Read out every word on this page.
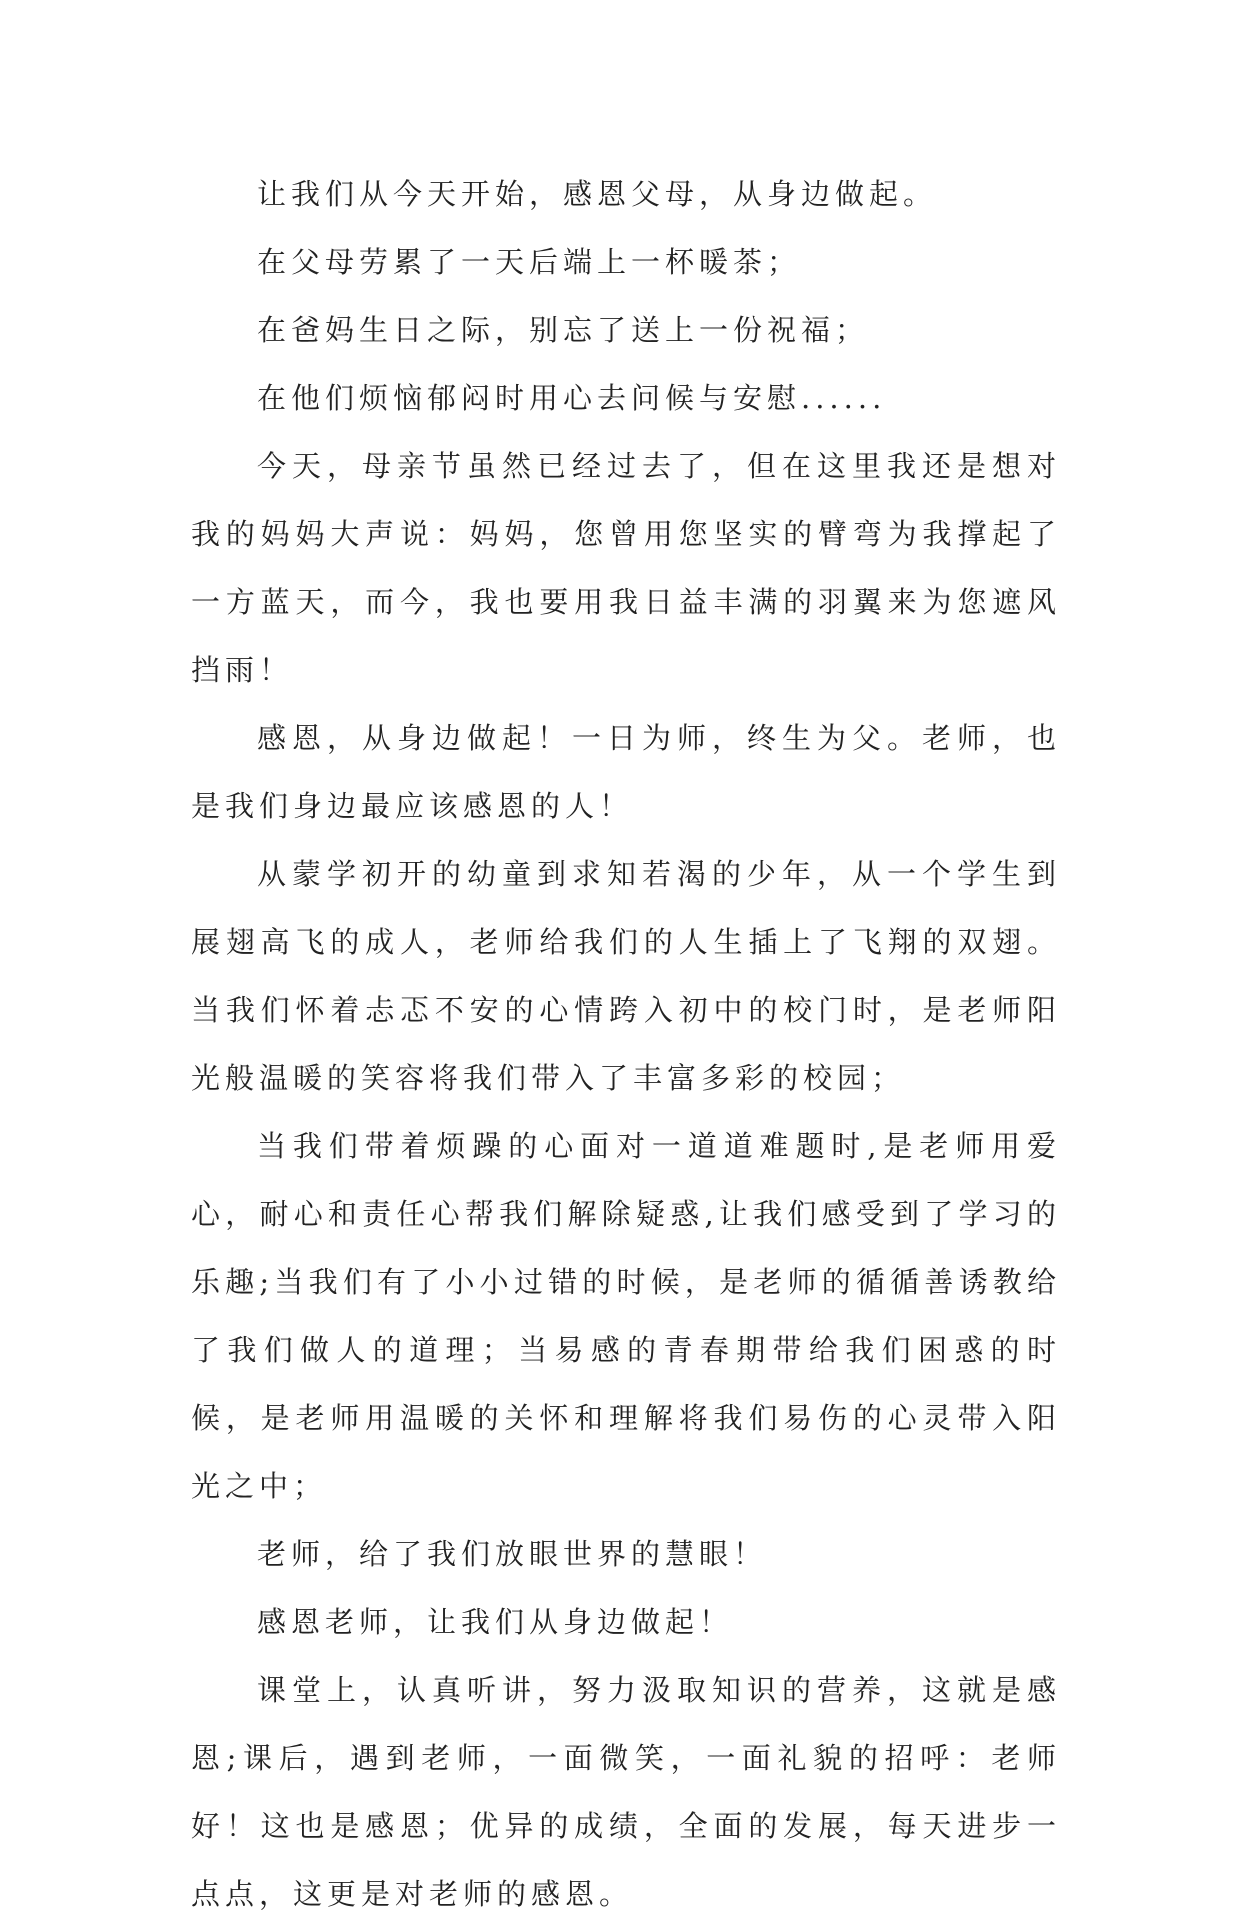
让我们从今天开始，感恩父母，从身边做起。

在父母劳累了一天后端上一杯暖茶；

在爸妈生日之际，别忘了送上一份祝福；

在他们烦恼郁闷时用心去问候与安慰......

今天，母亲节虽然已经过去了，但在这里我还是想对我的妈妈大声说：妈妈，您曾用您坚实的臂弯为我撑起了一方蓝天，而今，我也要用我日益丰满的羽翼来为您遮风挡雨！

感恩，从身边做起！一日为师，终生为父。老师，也是我们身边最应该感恩的人！

从蒙学初开的幼童到求知若渴的少年，从一个学生到展翅高飞的成人，老师给我们的人生插上了飞翔的双翅。当我们怀着忐忑不安的心情跨入初中的校门时，是老师阳光般温暖的笑容将我们带入了丰富多彩的校园；

当我们带着烦躁的心面对一道道难题时,是老师用爱心，耐心和责任心帮我们解除疑惑,让我们感受到了学习的乐趣;当我们有了小小过错的时候，是老师的循循善诱教给了我们做人的道理；当易感的青春期带给我们困惑的时候，是老师用温暖的关怀和理解将我们易伤的心灵带入阳光之中；

老师，给了我们放眼世界的慧眼！

感恩老师，让我们从身边做起！

课堂上，认真听讲，努力汲取知识的营养，这就是感恩;课后，遇到老师，一面微笑，一面礼貌的招呼：老师好！这也是感恩；优异的成绩，全面的发展，每天进步一点点，这更是对老师的感恩。
